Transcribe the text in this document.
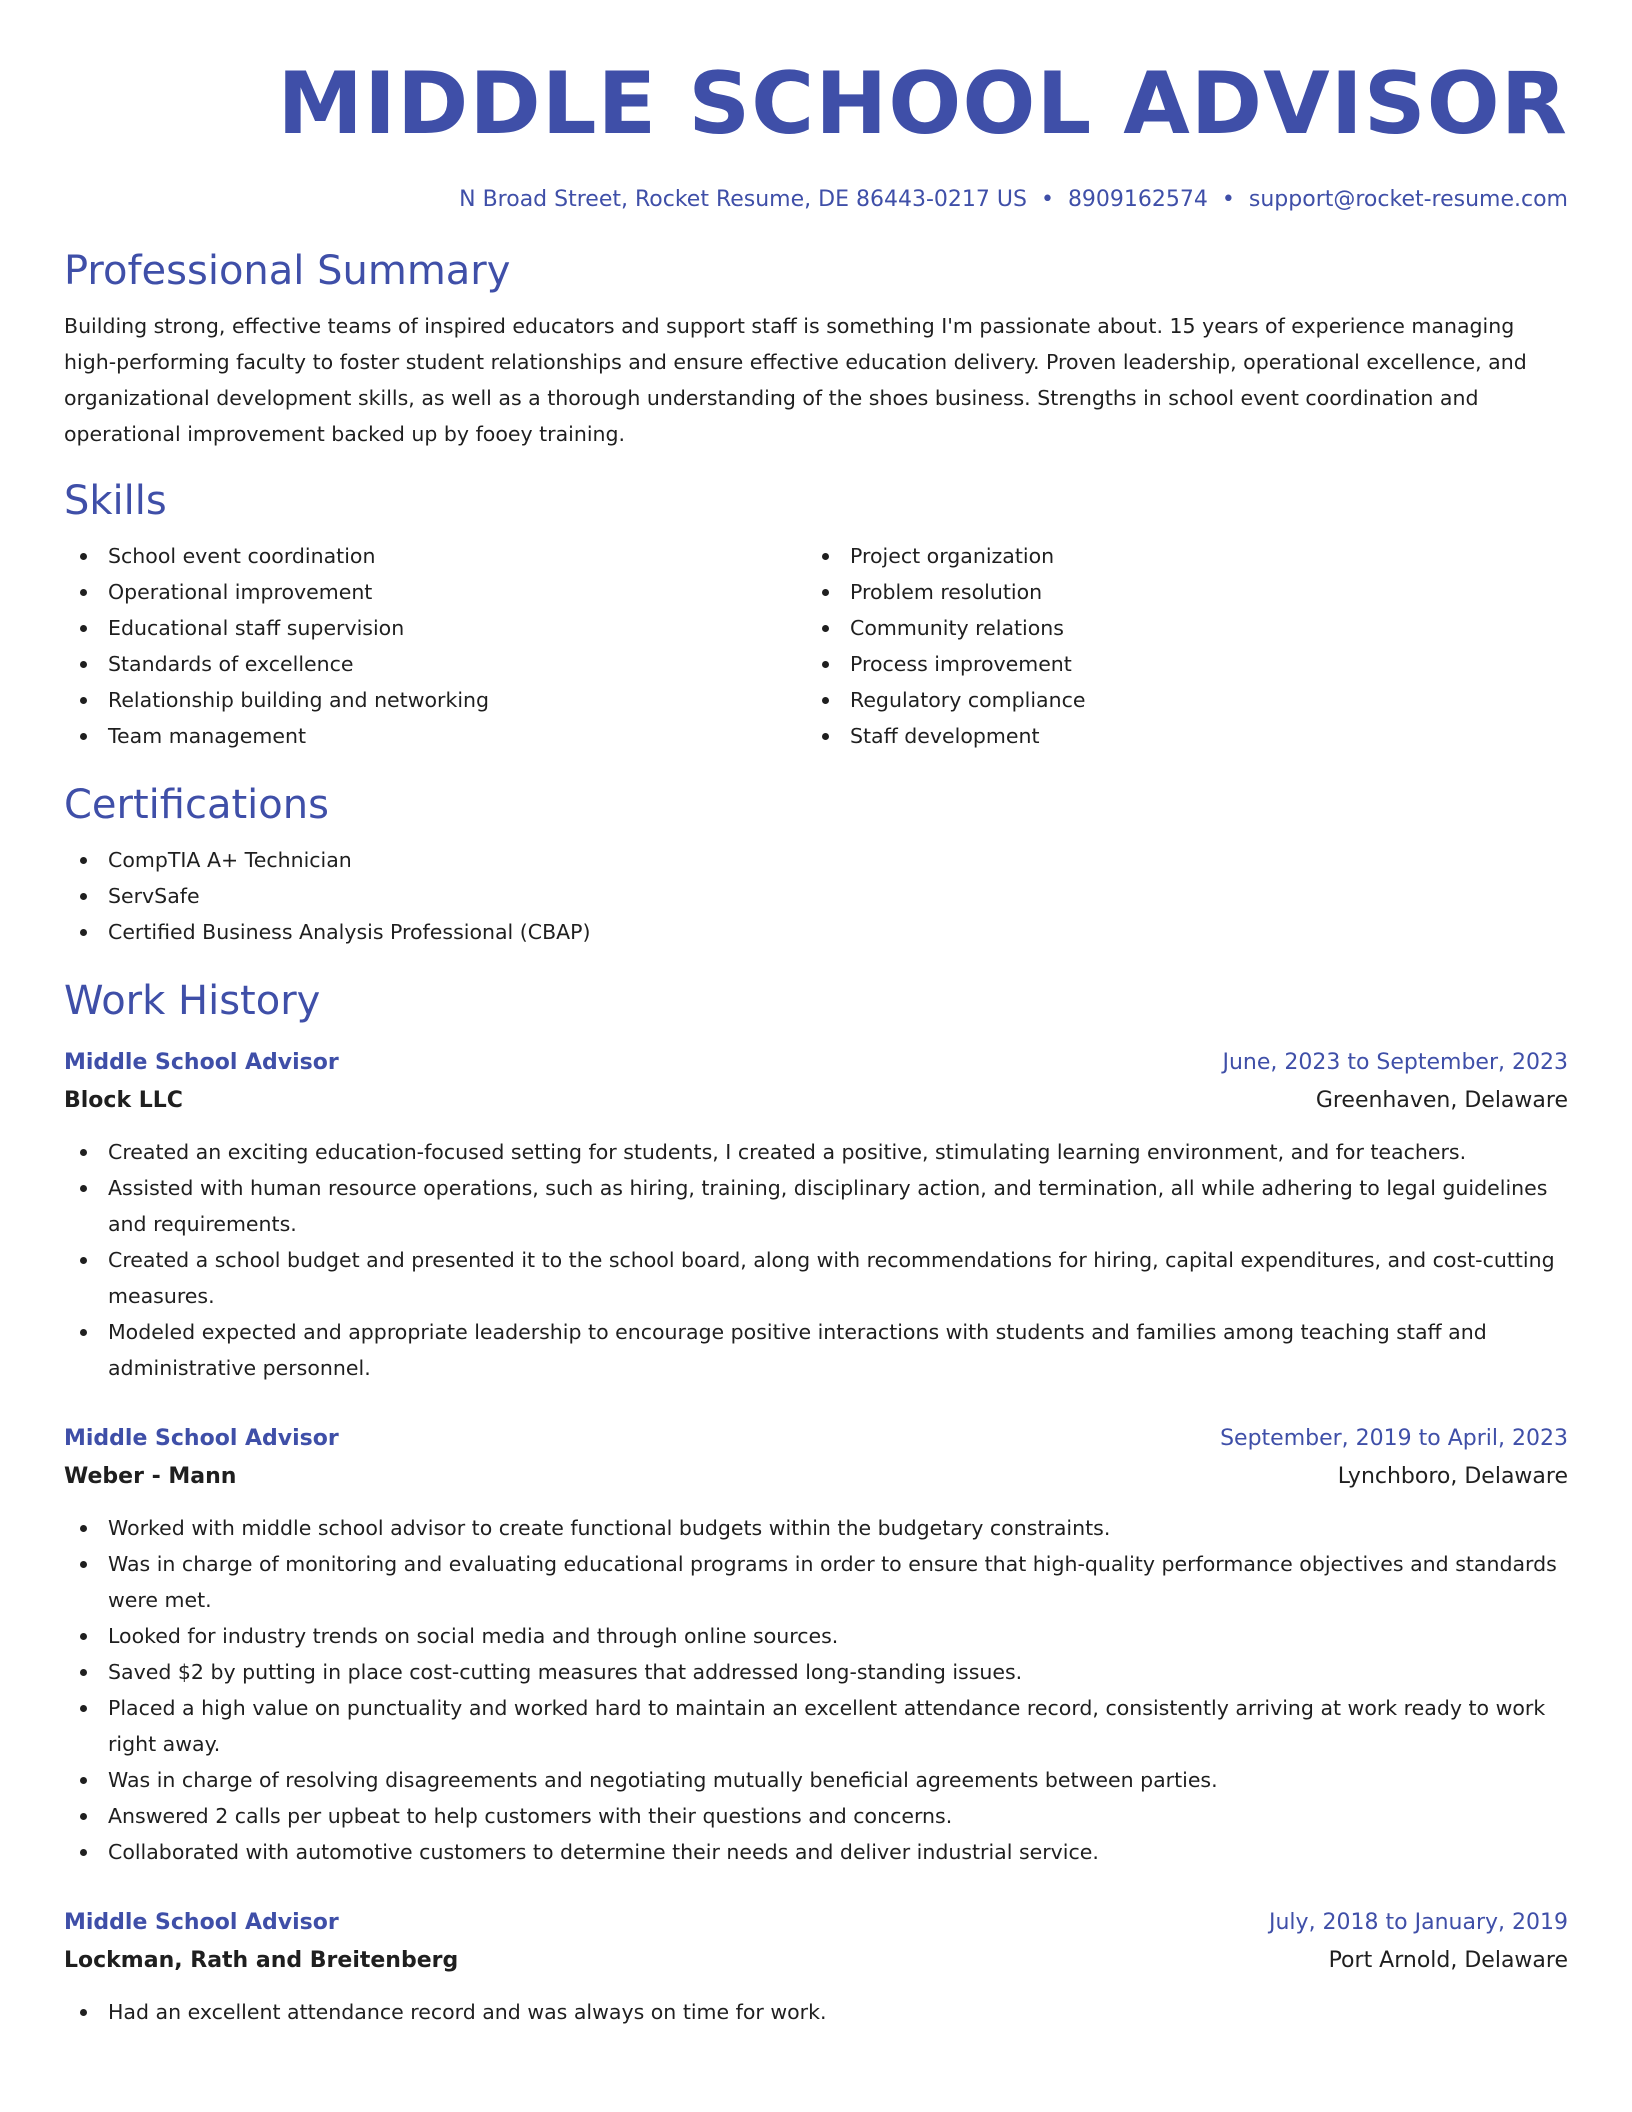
MIDDLE SCHOOL ADVISOR
N Broad Street, Rocket Resume, DE 86443-0217 US • 8909162574 • support@rocket-resume.com
Professional Summary

Building strong, effective teams of inspired educators and support staff is something I'm passionate about. 15 years of experience managing high-performing faculty to foster student relationships and ensure effective education delivery. Proven leadership, operational excellence, and organizational development skills, as well as a thorough understanding of the shoes business. Strengths in school event coordination and operational improvement backed up by fooey training.

Skills
School event coordination
Operational improvement
Educational staff supervision
Standards of excellence
Relationship building and networking
Team management
Project organization
Problem resolution
Community relations
Process improvement
Regulatory compliance
Staff development
Certifications
CompTIA A+ Technician
ServSafe
Certified Business Analysis Professional (CBAP)
Work History
Middle School Advisor	June, 2023 to September, 2023
Block LLC	Greenhaven, Delaware
Created an exciting education-focused setting for students, I created a positive, stimulating learning environment, and for teachers.
Assisted with human resource operations, such as hiring, training, disciplinary action, and termination, all while adhering to legal guidelines and requirements.
Created a school budget and presented it to the school board, along with recommendations for hiring, capital expenditures, and cost-cutting measures.
Modeled expected and appropriate leadership to encourage positive interactions with students and families among teaching staff and administrative personnel.
Middle School Advisor	September, 2019 to April, 2023
Weber - Mann	Lynchboro, Delaware
Worked with middle school advisor to create functional budgets within the budgetary constraints.
Was in charge of monitoring and evaluating educational programs in order to ensure that high-quality performance objectives and standards were met.
Looked for industry trends on social media and through online sources.
Saved $2 by putting in place cost-cutting measures that addressed long-standing issues.
Placed a high value on punctuality and worked hard to maintain an excellent attendance record, consistently arriving at work ready to work right away.
Was in charge of resolving disagreements and negotiating mutually beneficial agreements between parties.
Answered 2 calls per upbeat to help customers with their questions and concerns.
Collaborated with automotive customers to determine their needs and deliver industrial service.
Middle School Advisor	July, 2018 to January, 2019
Lockman, Rath and Breitenberg	Port Arnold, Delaware
Had an excellent attendance record and was always on time for work.
